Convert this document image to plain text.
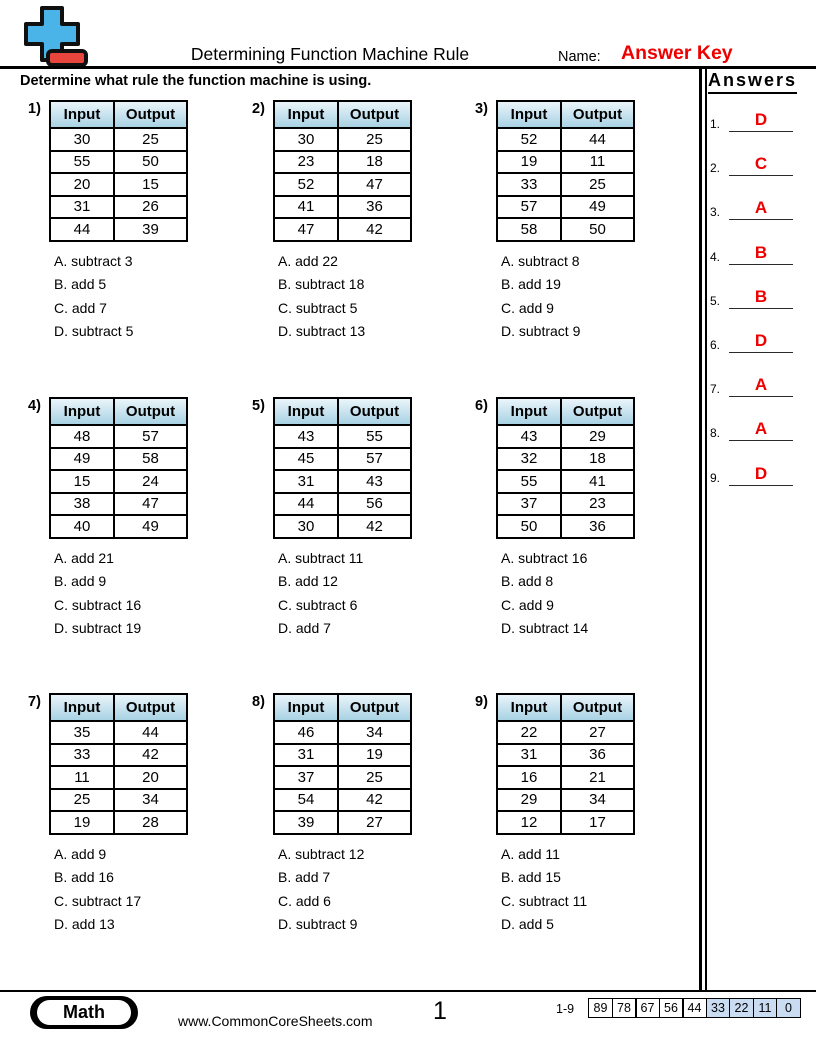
Determining Function Machine Rule	Name: Answer Key
Determine what rule the function machine is using.	Answers
1.	D
2.	C
3.	A
4.	B
5.	B
6.	D
7.	A
8.	A
9.	D
1)	Input	Output
30	25
55	50
20	15
31	26
44	39
A. subtract 3
B. add 5
C. add 7
D. subtract 5
2)	Input	Output
30	25
23	18
52	47
41	36
47	42
A. add 22
B. subtract 18
C. subtract 5
D. subtract 13
3)	Input	Output
52	44
19	11
33	25
57	49
58	50
A. subtract 8
B. add 19
C. add 9
D. subtract 9
4)	Input	Output
48	57
49	58
15	24
38	47
40	49
A. add 21
B. add 9
C. subtract 16
D. subtract 19
5)	Input	Output
43	55
45	57
31	43
44	56
30	42
A. subtract 11
B. add 12
C. subtract 6
D. add 7
6)	Input	Output
43	29
32	18
55	41
37	23
50	36
A. subtract 16
B. add 8
C. add 9
D. subtract 14
7)	Input	Output
35	44
33	42
11	20
25	34
19	28
A. add 9
B. add 16
C. subtract 17
D. add 13
8)	Input	Output
46	34
31	19
37	25
54	42
39	27
A. subtract 12
B. add 7
C. add 6
D. subtract 9
9)	Input	Output
22	27
31	36
16	21
29	34
12	17
A. add 11
B. add 15
C. subtract 11
D. add 5
Math	www.CommonCoreSheets.com	1	1-9	89 78 67 56 44 33 22 11	0
